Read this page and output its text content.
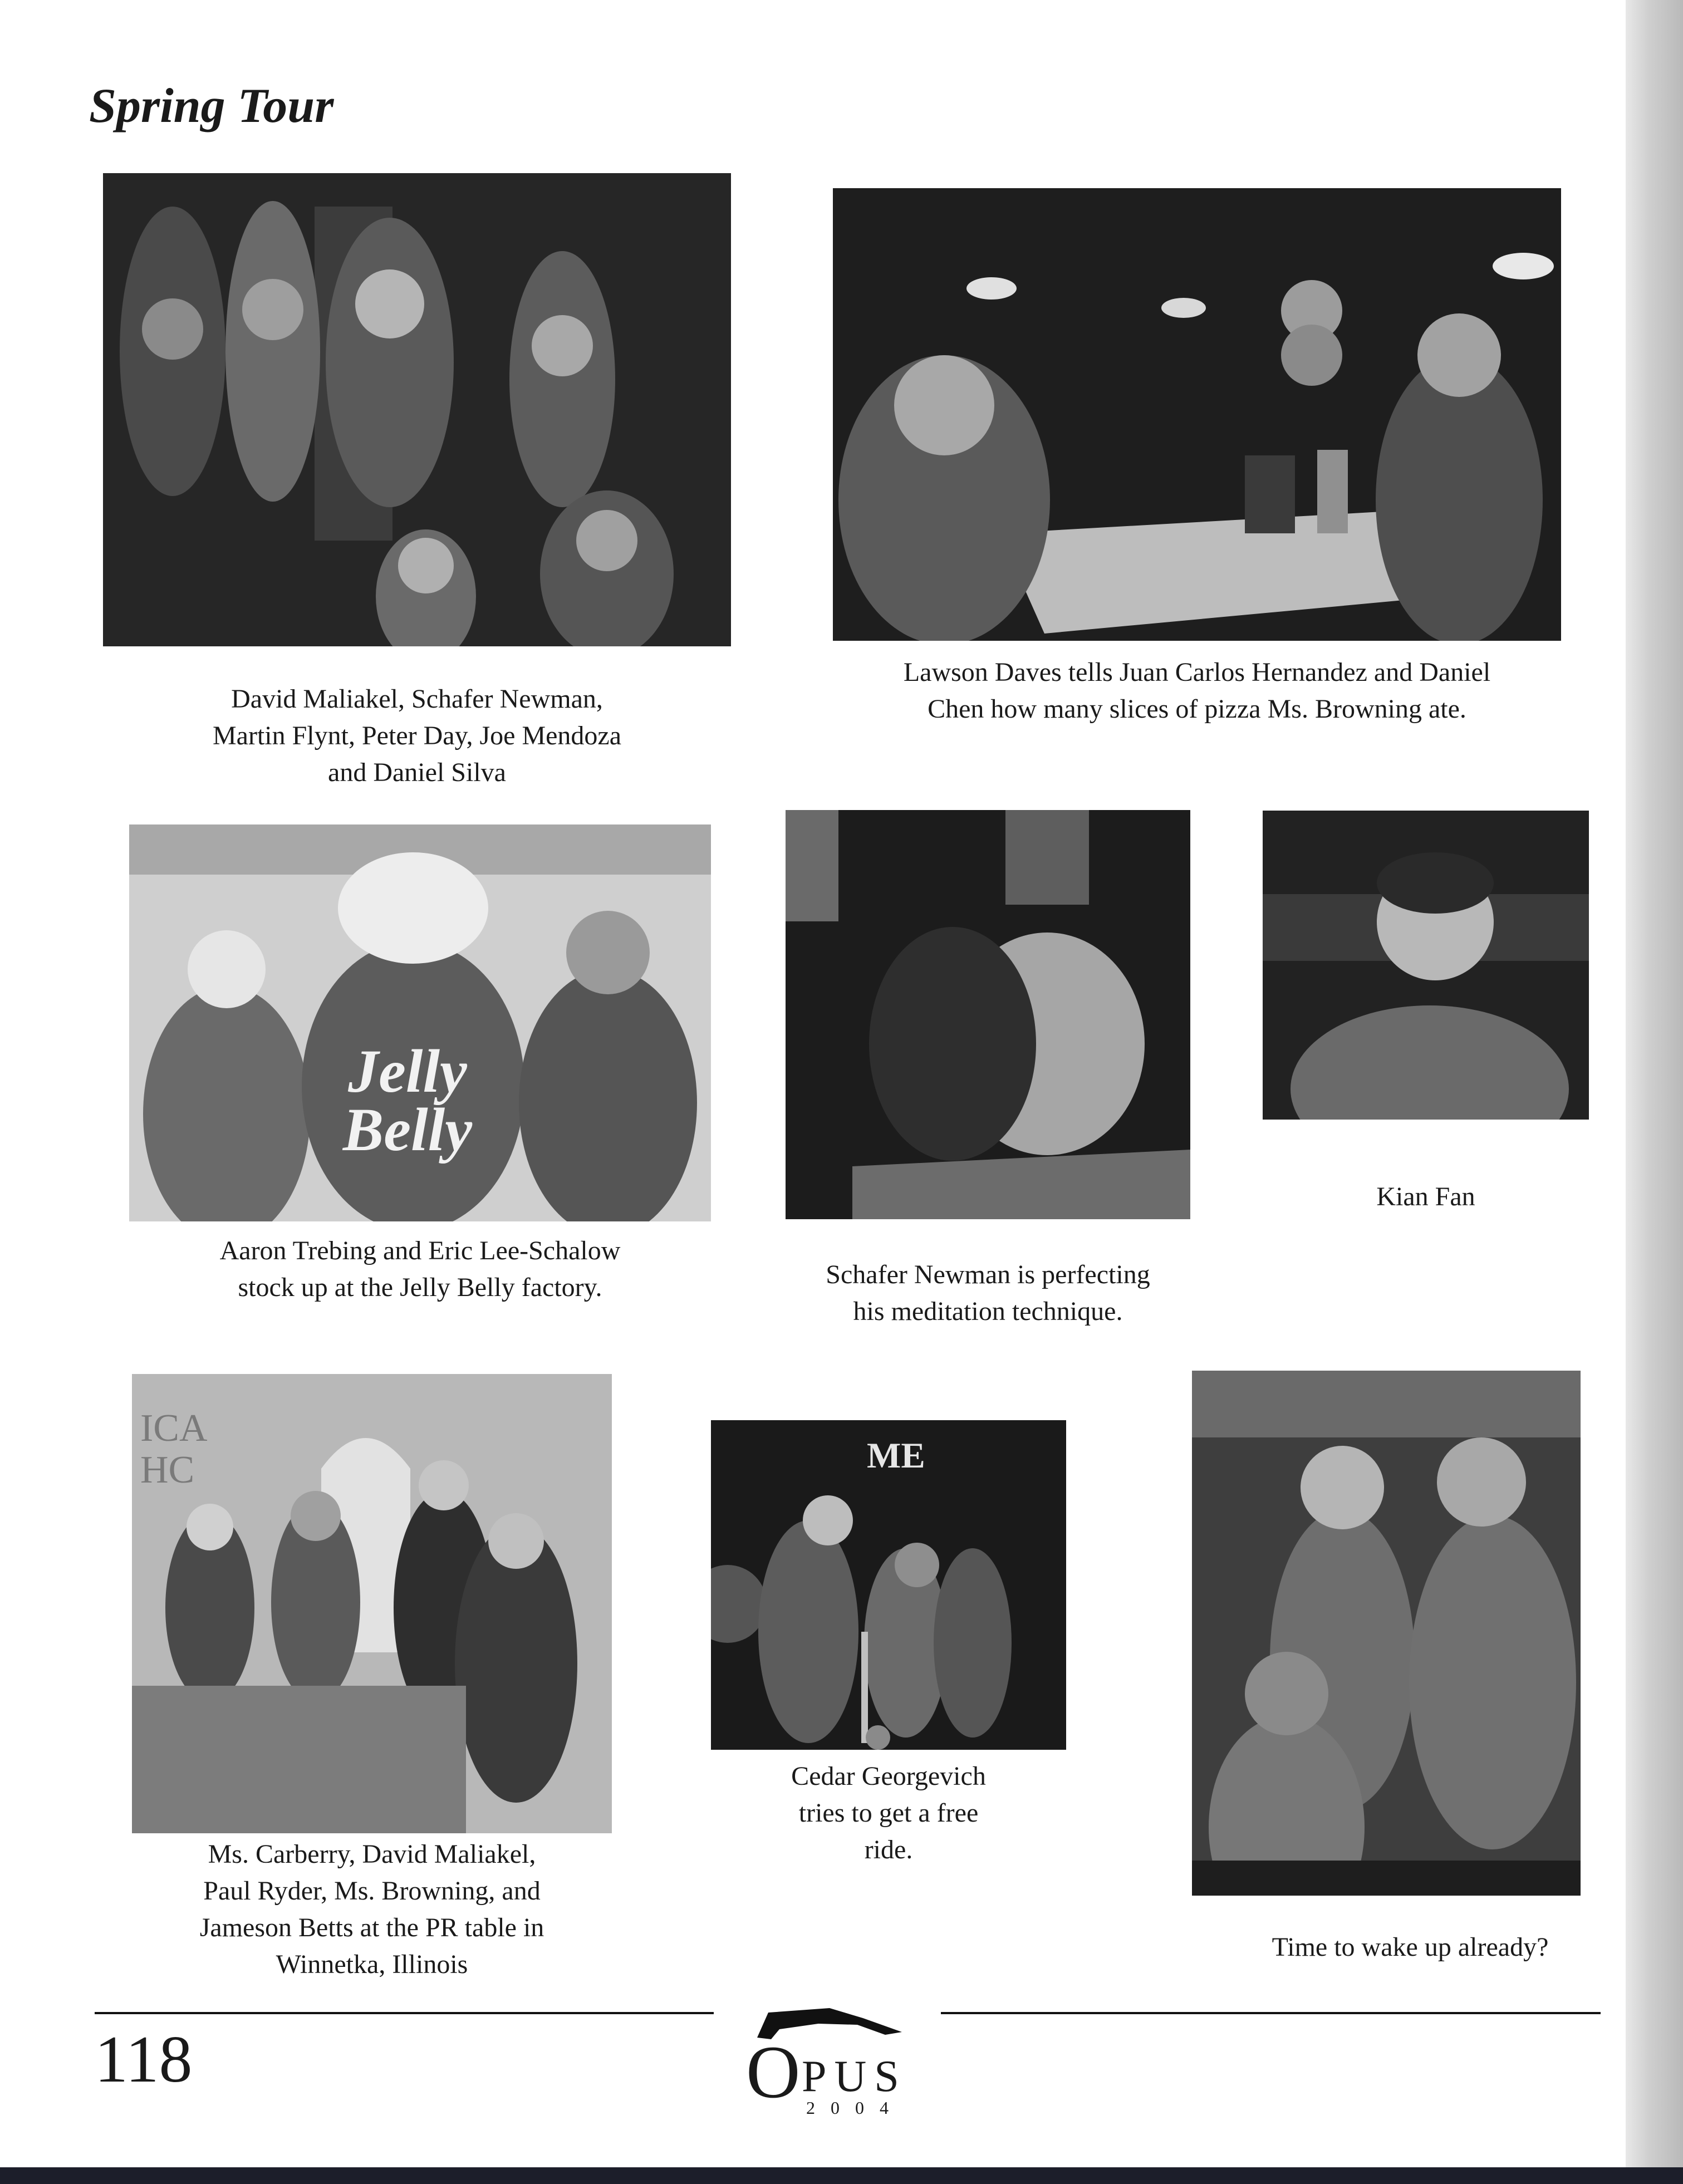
Spring Tour
David Maliakel, Schafer Newman,
Martin Flynt, Peter Day, Joe Mendoza
and Daniel Silva
Lawson Daves tells Juan Carlos Hernandez and Daniel
Chen how many slices of pizza Ms. Browning ate.
Jelly
Belly
Aaron Trebing and Eric Lee-Schalow
stock up at the Jelly Belly factory.	Schafer Newman is perfecting
his meditation technique.
Kian Fan
ICA
HC
Ms. Carberry, David Maliakel,
Paul Ryder, Ms. Browning, and
Jameson Betts at the PR table in
Winnetka, Illinois
ME
Cedar Georgevich
tries to get a free
ride.
Time to wake up already?
118	O PUS
2004
